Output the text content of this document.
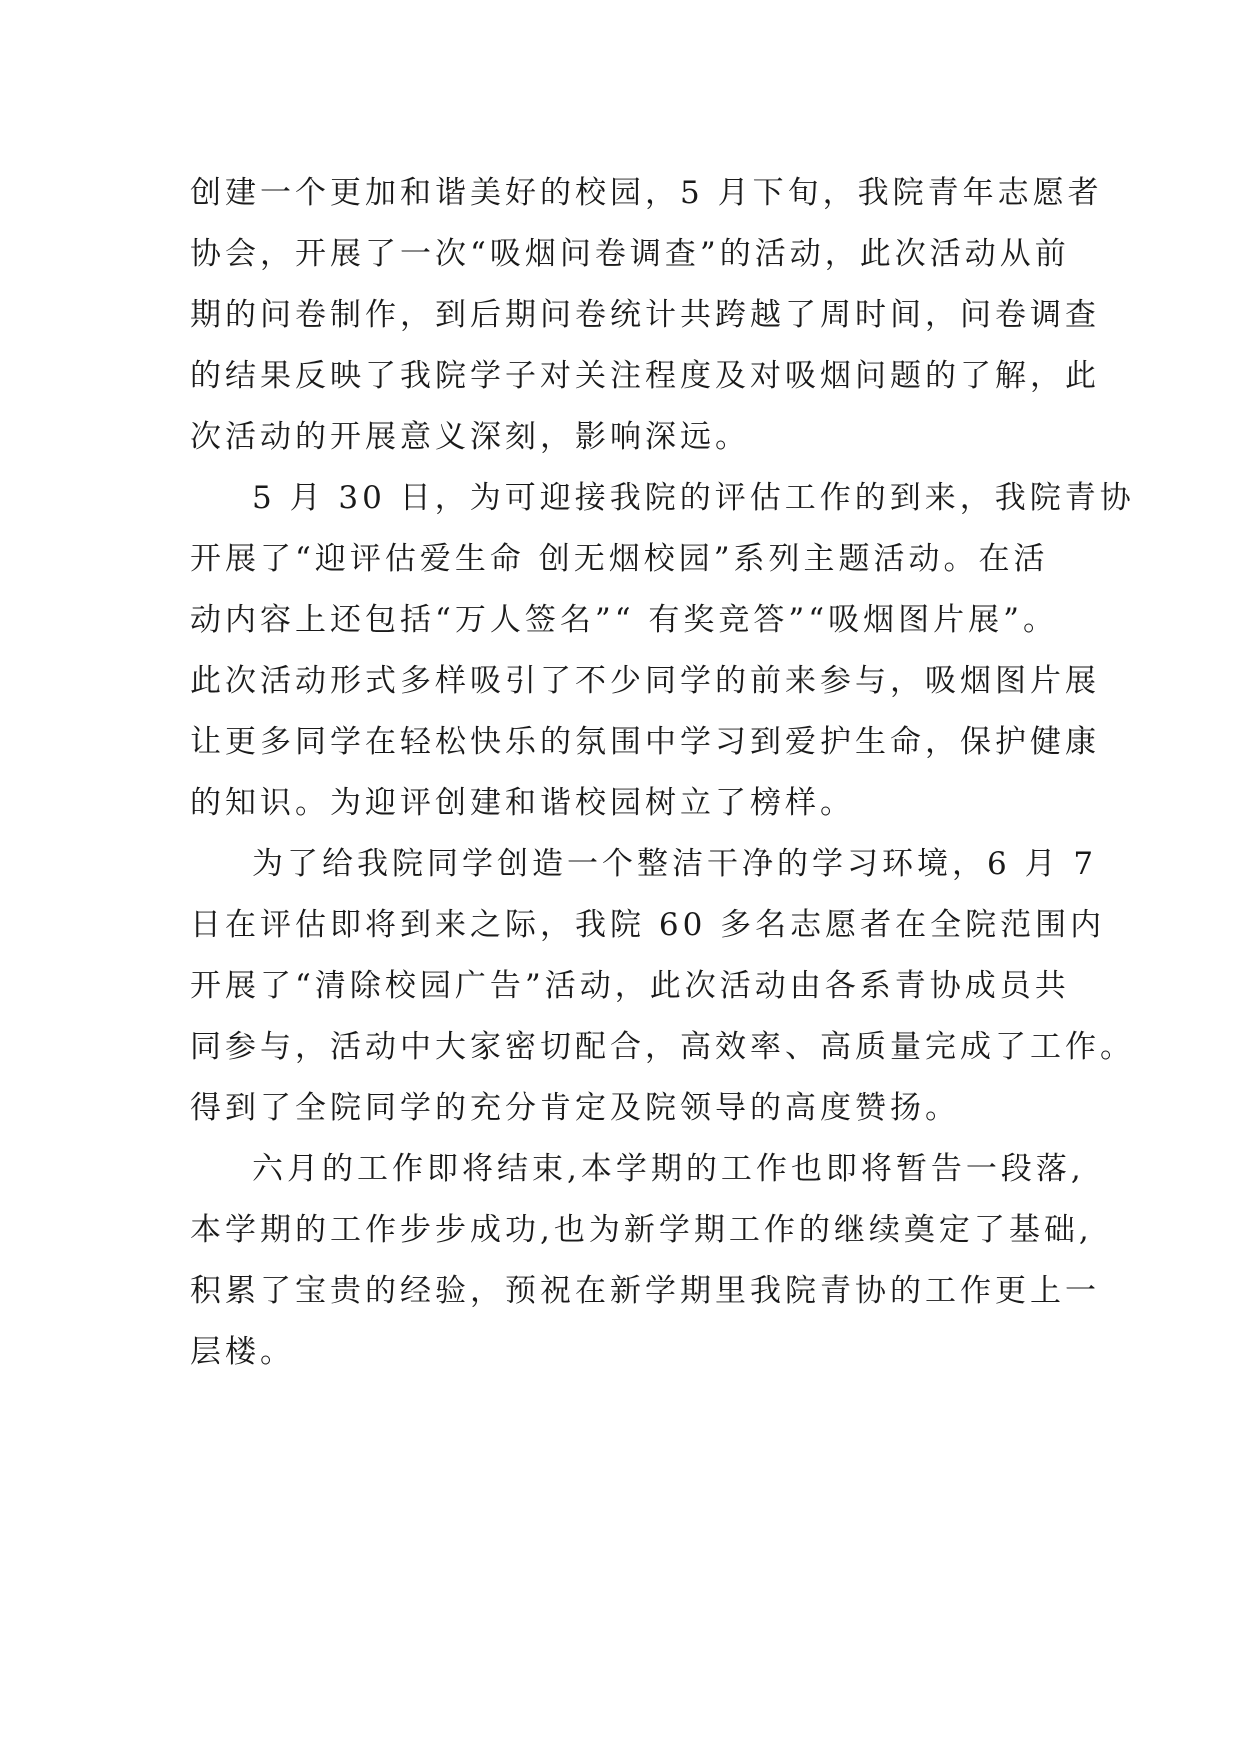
创建一个更加和谐美好的校园，5 月下旬，我院青年志愿者
协会，开展了一次“吸烟问卷调查”的活动，此次活动从前
期的问卷制作，到后期问卷统计共跨越了周时间，问卷调查
的结果反映了我院学子对关注程度及对吸烟问题的了解，此
次活动的开展意义深刻，影响深远。
5 月 30 日，为可迎接我院的评估工作的到来，我院青协
开展了“迎评估爱生命 创无烟校园”系列主题活动。在活
动内容上还包括“万人签名”“ 有奖竞答”“吸烟图片展”。
此次活动形式多样吸引了不少同学的前来参与，吸烟图片展
让更多同学在轻松快乐的氛围中学习到爱护生命，保护健康
的知识。为迎评创建和谐校园树立了榜样。
为了给我院同学创造一个整洁干净的学习环境，6 月 7
日在评估即将到来之际，我院 60 多名志愿者在全院范围内
开展了“清除校园广告”活动，此次活动由各系青协成员共
同参与，活动中大家密切配合，高效率、高质量完成了工作。
得到了全院同学的充分肯定及院领导的高度赞扬。
六月的工作即将结束,本学期的工作也即将暂告一段落,
本学期的工作步步成功,也为新学期工作的继续奠定了基础,
积累了宝贵的经验，预祝在新学期里我院青协的工作更上一
层楼。
